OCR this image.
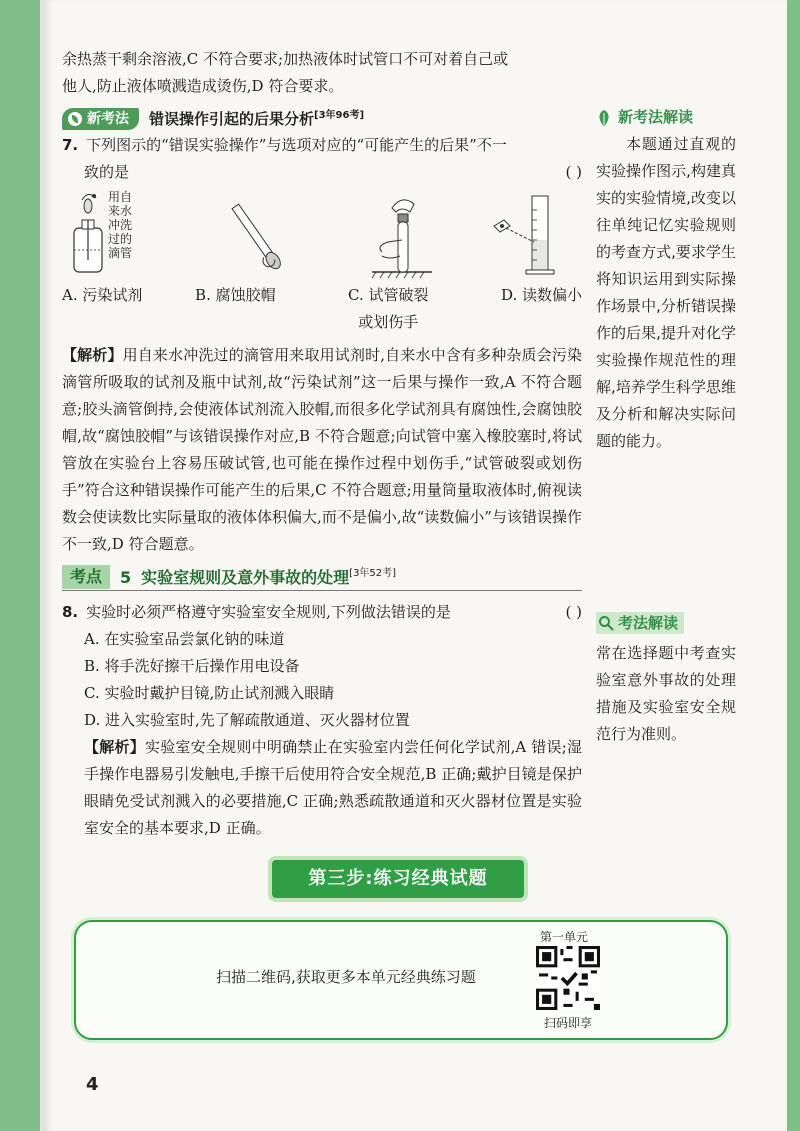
余热蒸干剩余溶液,C 不符合要求;加热液体时试管口不可对着自己或

他人,防止液体喷溅造成烫伤,D 符合要求。

新考法 错误操作引起的后果分析[3年96考]
7. 下列图示的“错误实验操作”与选项对应的“可能产生的后果”不一
致的是	( )
用自来水冲洗过的滴管
A. 污染试剂	B. 腐蚀胶帽	C. 试管破裂
或划伤手
D. 读数偏小

【解析】用自来水冲洗过的滴管用来取用试剂时,自来水中含有多种杂质会污染滴管所吸取的试剂及瓶中试剂,故“污染试剂”这一后果与操作一致,A 不符合题意;胶头滴管倒持,会使液体试剂流入胶帽,而很多化学试剂具有腐蚀性,会腐蚀胶帽,故“腐蚀胶帽”与该错误操作对应,B 不符合题意;向试管中塞入橡胶塞时,将试管放在实验台上容易压破试管,也可能在操作过程中划伤手,“试管破裂或划伤手”符合这种错误操作可能产生的后果,C 不符合题意;用量筒量取液体时,俯视读数会使读数比实际量取的液体体积偏大,而不是偏小,故“读数偏小”与该错误操作不一致,D 符合题意。

考点	5 实验室规则及意外事故的处理[3年52考]
8. 实验时必须严格遵守实验室安全规则,下列做法错误的是	( )
A. 在实验室品尝氯化钠的味道
B. 将手洗好擦干后操作用电设备
C. 实验时戴护目镜,防止试剂溅入眼睛
D. 进入实验室时,先了解疏散通道、灭火器材位置

【解析】实验室安全规则中明确禁止在实验室内尝任何化学试剂,A 错误;湿手操作电器易引发触电,手擦干后使用符合安全规范,B 正确;戴护目镜是保护眼睛免受试剂溅入的必要措施,C 正确;熟悉疏散通道和灭火器材位置是实验室安全的基本要求,D 正确。

新考法解读
本题通过直观的实验操作图示,构建真实的实验情境,改变以往单纯记忆实验规则的考查方式,要求学生将知识运用到实际操作场景中,分析错误操作的后果,提升对化学实验操作规范性的理解,培养学生科学思维及分析和解决实际问题的能力。
考法解读
常在选择题中考查实验室意外事故的处理措施及实验室安全规范行为准则。
第三步:练习经典试题
扫描二维码,获取更多本单元经典练习题
第一单元
扫码即享
4
